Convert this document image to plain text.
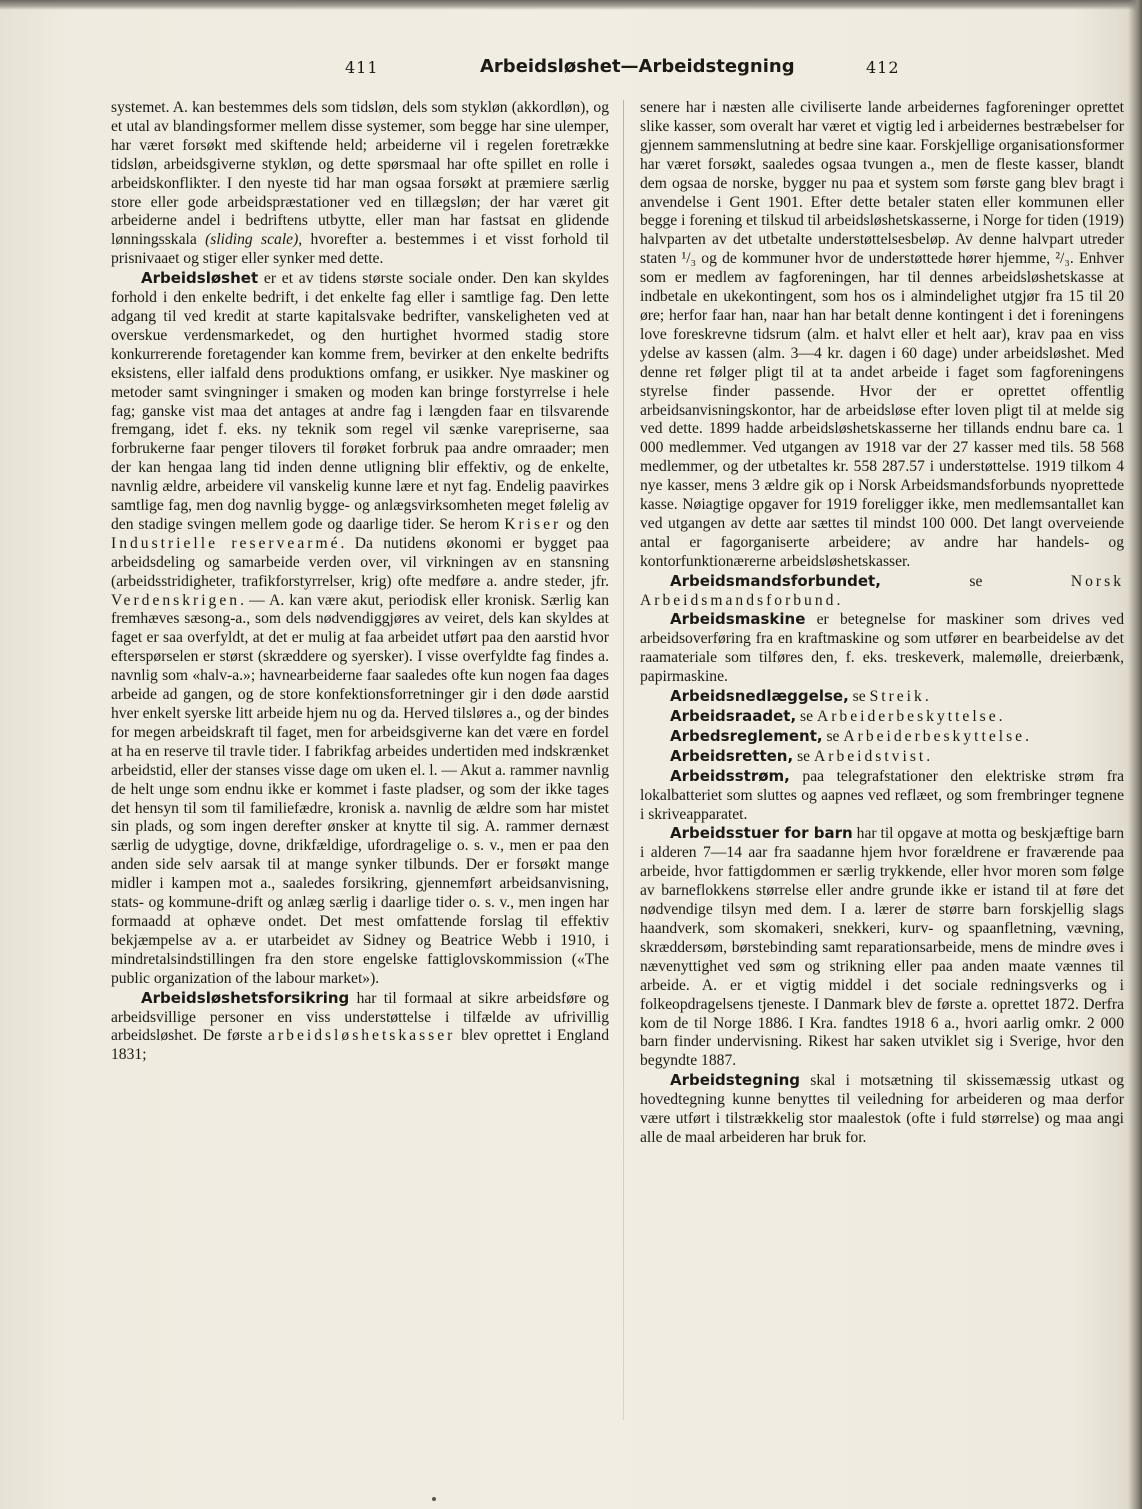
411	Arbeidsløshet—Arbeidstegning	412

systemet. A. kan bestemmes dels som tidsløn, dels som stykløn (akkordløn), og et utal av blandingsformer mellem disse systemer, som begge har sine ulemper, har været forsøkt med skiftende held; arbeiderne vil i regelen foretrække tidsløn, arbeidsgiverne stykløn, og dette spørsmaal har ofte spillet en rolle i arbeidskonflikter. I den nyeste tid har man ogsaa forsøkt at præmiere særlig store eller gode arbeidspræstationer ved en tillægsløn; der har været git arbeiderne andel i bedriftens utbytte, eller man har fastsat en glidende lønningsskala (sliding scale), hvorefter a. bestemmes i et visst forhold til prisnivaaet og stiger eller synker med dette.

Arbeidsløshet er et av tidens største sociale onder. Den kan skyldes forhold i den enkelte bedrift, i det enkelte fag eller i samtlige fag. Den lette adgang til ved kredit at starte kapitalsvake bedrifter, vanskeligheten ved at overskue verdensmarkedet, og den hurtighet hvormed stadig store konkurrerende foretagender kan komme frem, bevirker at den enkelte bedrifts eksistens, eller ialfald dens produktions omfang, er usikker. Nye maskiner og metoder samt svingninger i smaken og moden kan bringe forstyrrelse i hele fag; ganske vist maa det antages at andre fag i længden faar en tilsvarende fremgang, idet f. eks. ny teknik som regel vil sænke varepriserne, saa forbrukerne faar penger tilovers til forøket forbruk paa andre omraader; men der kan hengaa lang tid inden denne utligning blir effektiv, og de enkelte, navnlig ældre, arbeidere vil vanskelig kunne lære et nyt fag. Endelig paavirkes samtlige fag, men dog navnlig bygge- og anlægsvirksomheten meget følelig av den stadige svingen mellem gode og daarlige tider. Se herom Kriser og den Industrielle reservearmé. Da nutidens økonomi er bygget paa arbeidsdeling og samarbeide verden over, vil virkningen av en stansning (arbeidsstridigheter, trafikforstyrrelser, krig) ofte medføre a. andre steder, jfr. Verdenskrigen. — A. kan være akut, periodisk eller kronisk. Særlig kan fremhæves sæsong-a., som dels nødvendiggjøres av veiret, dels kan skyldes at faget er saa overfyldt, at det er mulig at faa arbeidet utført paa den aarstid hvor efterspørselen er størst (skræddere og syersker). I visse overfyldte fag findes a. navnlig som «halv-a.»; havnearbeiderne faar saaledes ofte kun nogen faa dages arbeide ad gangen, og de store konfektionsforretninger gir i den døde aarstid hver enkelt syerske litt arbeide hjem nu og da. Herved tilsløres a., og der bindes for megen arbeidskraft til faget, men for arbeidsgiverne kan det være en fordel at ha en reserve til travle tider. I fabrikfag arbeides undertiden med indskrænket arbeidstid, eller der stanses visse dage om uken el. l. — Akut a. rammer navnlig de helt unge som endnu ikke er kommet i faste pladser, og som der ikke tages det hensyn til som til familiefædre, kronisk a. navnlig de ældre som har mistet sin plads, og som ingen derefter ønsker at knytte til sig. A. rammer dernæst særlig de udygtige, dovne, drikfældige, ufordragelige o. s. v., men er paa den anden side selv aarsak til at mange synker tilbunds. Der er forsøkt mange midler i kampen mot a., saaledes forsikring, gjennemført arbeidsanvisning, stats- og kommune-drift og anlæg særlig i daarlige tider o. s. v., men ingen har formaadd at ophæve ondet. Det mest omfattende forslag til effektiv bekjæmpelse av a. er utarbeidet av Sidney og Beatrice Webb i 1910, i mindretalsindstillingen fra den store engelske fattiglovskommission («The public organization of the labour market»).

Arbeidsløshetsforsikring har til formaal at sikre arbeidsføre og arbeidsvillige personer en viss understøttelse i tilfælde av ufrivillig arbeidsløshet. De første arbeidsløshetskasser blev oprettet i England 1831;

senere har i næsten alle civiliserte lande arbeidernes fagforeninger oprettet slike kasser, som overalt har været et vigtig led i arbeidernes bestræbelser for gjennem sammenslutning at bedre sine kaar. Forskjellige organisationsformer har været forsøkt, saaledes ogsaa tvungen a., men de fleste kasser, blandt dem ogsaa de norske, bygger nu paa et system som første gang blev bragt i anvendelse i Gent 1901. Efter dette betaler staten eller kommunen eller begge i forening et tilskud til arbeidsløshetskasserne, i Norge for tiden (1919) halvparten av det utbetalte understøttelsesbeløp. Av denne halvpart utreder staten ¹/₃ og de kommuner hvor de understøttede hører hjemme, ²/₃. Enhver som er medlem av fagforeningen, har til dennes arbeidsløshetskasse at indbetale en ukekontingent, som hos os i almindelighet utgjør fra 15 til 20 øre; herfor faar han, naar han har betalt denne kontingent i det i foreningens love foreskrevne tidsrum (alm. et halvt eller et helt aar), krav paa en viss ydelse av kassen (alm. 3—4 kr. dagen i 60 dage) under arbeidsløshet. Med denne ret følger pligt til at ta andet arbeide i faget som fagforeningens styrelse finder passende. Hvor der er oprettet offentlig arbeidsanvisningskontor, har de arbeidsløse efter loven pligt til at melde sig ved dette. 1899 hadde arbeidsløshetskasserne her tillands endnu bare ca. 1 000 medlemmer. Ved utgangen av 1918 var der 27 kasser med tils. 58 568 medlemmer, og der utbetaltes kr. 558 287.57 i understøttelse. 1919 tilkom 4 nye kasser, mens 3 ældre gik op i Norsk Arbeidsmandsforbunds nyoprettede kasse. Nøiagtige opgaver for 1919 foreligger ikke, men medlemsantallet kan ved utgangen av dette aar sættes til mindst 100 000. Det langt overveiende antal er fagorganiserte arbeidere; av andre har handels- og kontorfunktionærerne arbeidsløshetskasser.

Arbeidsmandsforbundet, se Norsk Arbeidsmandsforbund.

Arbeidsmaskine er betegnelse for maskiner som drives ved arbeidsoverføring fra en kraftmaskine og som utfører en bearbeidelse av det raamateriale som tilføres den, f. eks. treskeverk, malemølle, dreierbænk, papirmaskine.

Arbeidsnedlæggelse, se Streik.

Arbeidsraadet, se Arbeiderbeskyttelse.

Arbedsreglement, se Arbeiderbeskyttelse.

Arbeidsretten, se Arbeidstvist.

Arbeidsstrøm, paa telegrafstationer den elektriske strøm fra lokalbatteriet som sluttes og aapnes ved reflæet, og som frembringer tegnene i skriveapparatet.

Arbeidsstuer for barn har til opgave at motta og beskjæftige barn i alderen 7—14 aar fra saadanne hjem hvor forældrene er fraværende paa arbeide, hvor fattigdommen er særlig trykkende, eller hvor moren som følge av barneflokkens størrelse eller andre grunde ikke er istand til at føre det nødvendige tilsyn med dem. I a. lærer de større barn forskjellig slags haandverk, som skomakeri, snekkeri, kurv- og spaanfletning, vævning, skræddersøm, børstebinding samt reparationsarbeide, mens de mindre øves i nævenyttighet ved søm og strikning eller paa anden maate vænnes til arbeide. A. er et vigtig middel i det sociale redningsverks og i folkeopdragelsens tjeneste. I Danmark blev de første a. oprettet 1872. Derfra kom de til Norge 1886. I Kra. fandtes 1918 6 a., hvori aarlig omkr. 2 000 barn finder undervisning. Rikest har saken utviklet sig i Sverige, hvor den begyndte 1887.

Arbeidstegning skal i motsætning til skissemæssig utkast og hovedtegning kunne benyttes til veiledning for arbeideren og maa derfor være utført i tilstrækkelig stor maalestok (ofte i fuld størrelse) og maa angi alle de maal arbeideren har bruk for.
